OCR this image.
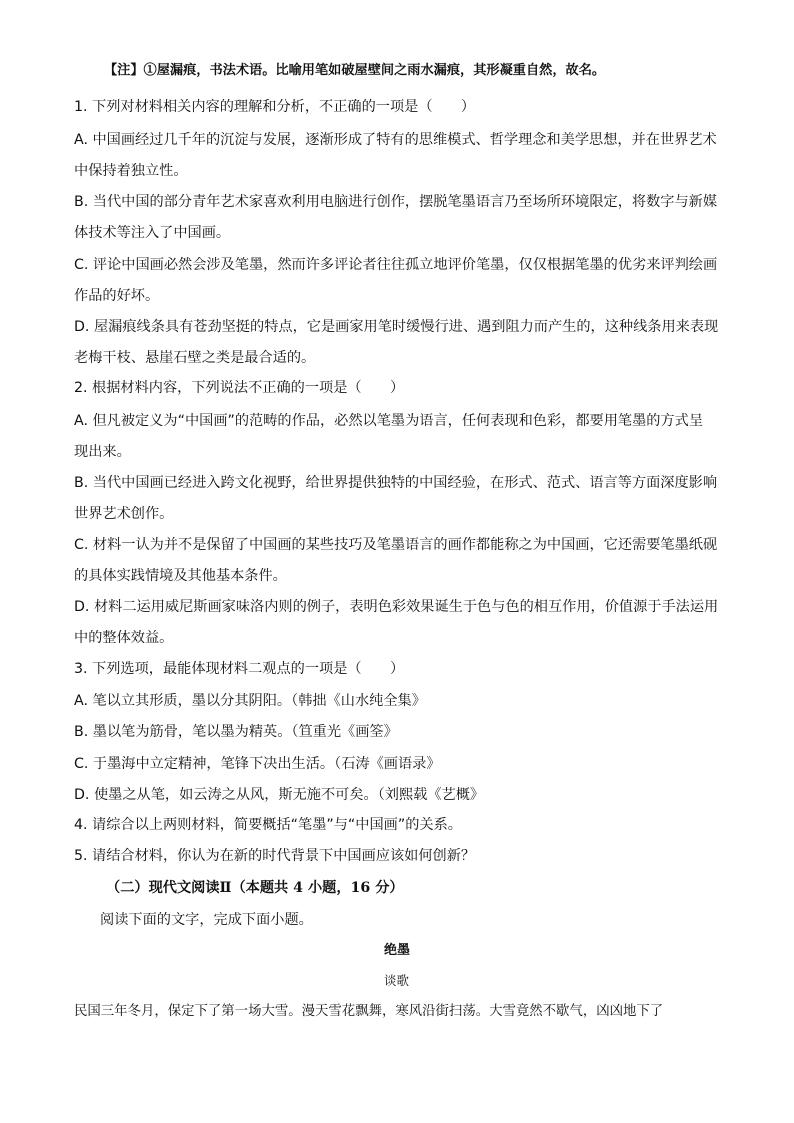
【注】①屋漏痕，书法术语。比喻用笔如破屋壁间之雨水漏痕，其形凝重自然，故名。
1. 下列对材料相关内容的理解和分析，不正确的一项是（　　）
A. 中国画经过几千年的沉淀与发展，逐渐形成了特有的思维模式、哲学理念和美学思想，并在世界艺术
中保持着独立性。
B. 当代中国的部分青年艺术家喜欢利用电脑进行创作，摆脱笔墨语言乃至场所环境限定，将数字与新媒
体技术等注入了中国画。
C. 评论中国画必然会涉及笔墨，然而许多评论者往往孤立地评价笔墨，仅仅根据笔墨的优劣来评判绘画
作品的好坏。
D. 屋漏痕线条具有苍劲坚挺的特点，它是画家用笔时缓慢行进、遇到阻力而产生的，这种线条用来表现
老梅干枝、悬崖石壁之类是最合适的。
2. 根据材料内容，下列说法不正确的一项是（　　）
A. 但凡被定义为“中国画”的范畴的作品，必然以笔墨为语言，任何表现和色彩，都要用笔墨的方式呈
现出来。
B. 当代中国画已经进入跨文化视野，给世界提供独特的中国经验，在形式、范式、语言等方面深度影响
世界艺术创作。
C. 材料一认为并不是保留了中国画的某些技巧及笔墨语言的画作都能称之为中国画，它还需要笔墨纸砚
的具体实践情境及其他基本条件。
D. 材料二运用威尼斯画家味洛内则的例子，表明色彩效果诞生于色与色的相互作用，价值源于手法运用
中的整体效益。
3. 下列选项，最能体现材料二观点的一项是（　　）
A. 笔以立其形质，墨以分其阴阳。（韩拙《山水纯全集》
B. 墨以笔为筋骨，笔以墨为精英。（笪重光《画筌》
C. 于墨海中立定精神，笔锋下决出生活。（石涛《画语录》
D. 使墨之从笔，如云涛之从风，斯无施不可矣。（刘熙载《艺概》
4. 请综合以上两则材料，简要概括“笔墨”与“中国画”的关系。
5. 请结合材料，你认为在新的时代背景下中国画应该如何创新？
（二）现代文阅读Ⅱ（本题共 4 小题，16 分）
阅读下面的文字，完成下面小题。
绝墨
谈歌
民国三年冬月，保定下了第一场大雪。漫天雪花飘舞，寒风沿街扫荡。大雪竟然不歇气，凶凶地下了
